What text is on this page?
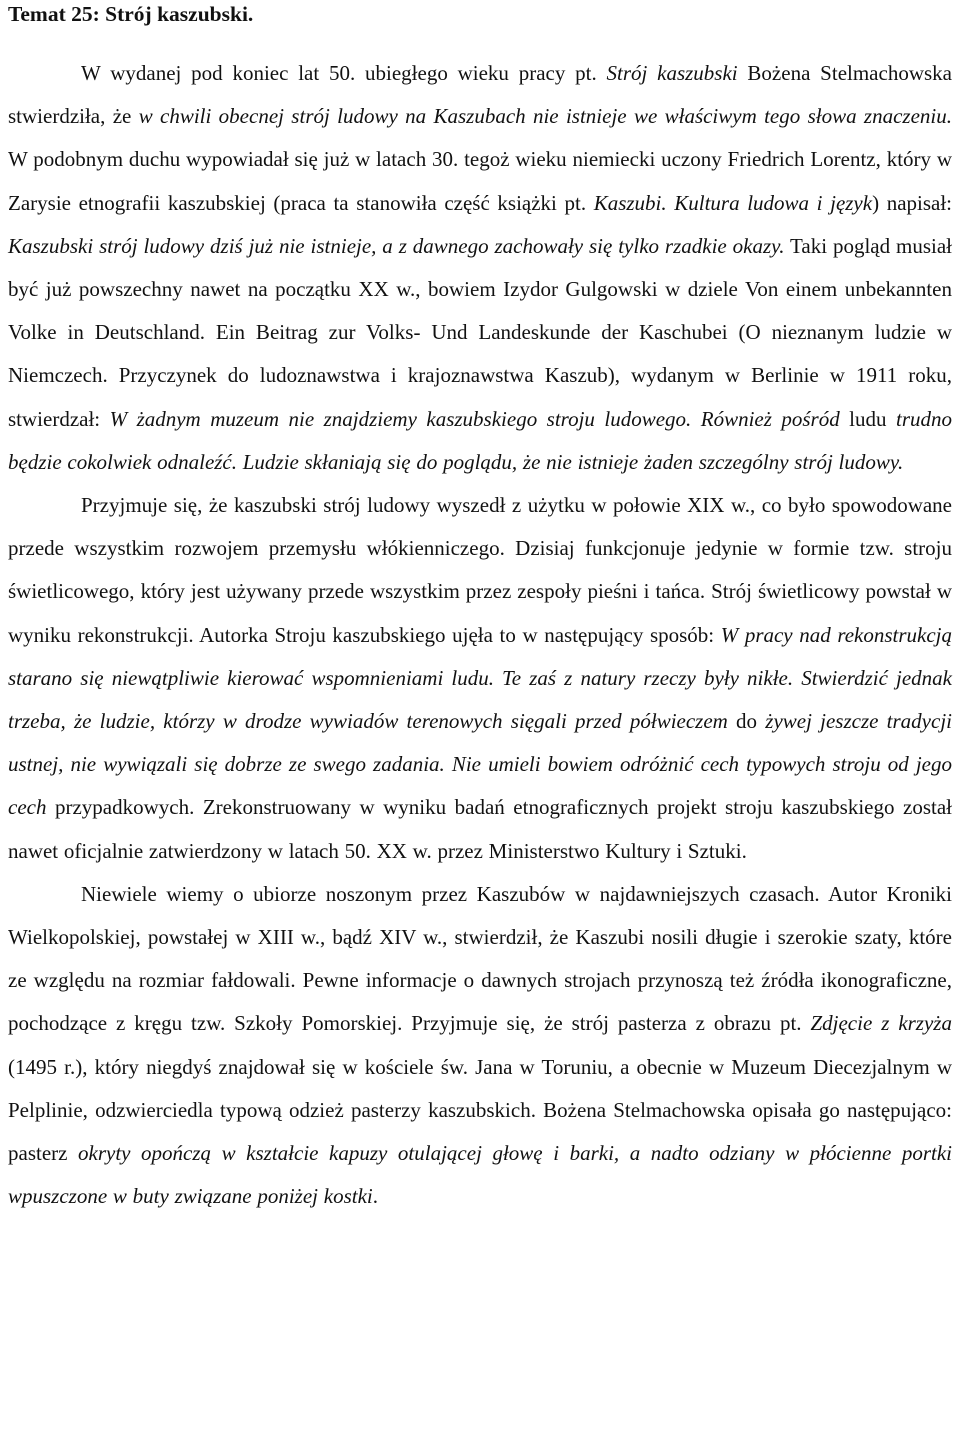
Temat 25: Strój kaszubski.

W wydanej pod koniec lat 50. ubiegłego wieku pracy pt. Strój kaszubski Bożena Stelmachowska stwierdziła, że w chwili obecnej strój ludowy na Kaszubach nie istnieje we właściwym tego słowa znaczeniu. W podobnym duchu wypowiadał się już w latach 30. tegoż wieku niemiecki uczony Friedrich Lorentz, który w Zarysie etnografii kaszubskiej (praca ta stanowiła część książki pt. Kaszubi. Kultura ludowa i język) napisał: Kaszubski strój ludowy dziś już nie istnieje, a z dawnego zachowały się tylko rzadkie okazy. Taki pogląd musiał być już powszechny nawet na początku XX w., bowiem Izydor Gulgowski w dziele Von einem unbekannten Volke in Deutschland. Ein Beitrag zur Volks- Und Landeskunde der Kaschubei (O nieznanym ludzie w Niemczech. Przyczynek do ludoznawstwa i krajoznawstwa Kaszub), wydanym w Berlinie w 1911 roku, stwierdzał: W żadnym muzeum nie znajdziemy kaszubskiego stroju ludowego. Również pośród ludu trudno będzie cokolwiek odnaleźć. Ludzie skłaniają się do poglądu, że nie istnieje żaden szczególny strój ludowy.

Przyjmuje się, że kaszubski strój ludowy wyszedł z użytku w połowie XIX w., co było spowodowane przede wszystkim rozwojem przemysłu włókienniczego. Dzisiaj funkcjonuje jedynie w formie tzw. stroju świetlicowego, który jest używany przede wszystkim przez zespoły pieśni i tańca. Strój świetlicowy powstał w wyniku rekonstrukcji. Autorka Stroju kaszubskiego ujęła to w następujący sposób: W pracy nad rekonstrukcją starano się niewątpliwie kierować wspomnieniami ludu. Te zaś z natury rzeczy były nikłe. Stwierdzić jednak trzeba, że ludzie, którzy w drodze wywiadów terenowych sięgali przed półwieczem do żywej jeszcze tradycji ustnej, nie wywiązali się dobrze ze swego zadania. Nie umieli bowiem odróżnić cech typowych stroju od jego cech przypadkowych. Zrekonstruowany w wyniku badań etnograficznych projekt stroju kaszubskiego został nawet oficjalnie zatwierdzony w latach 50. XX w. przez Ministerstwo Kultury i Sztuki.

Niewiele wiemy o ubiorze noszonym przez Kaszubów w najdawniejszych czasach. Autor Kroniki Wielkopolskiej, powstałej w XIII w., bądź XIV w., stwierdził, że Kaszubi nosili długie i szerokie szaty, które ze względu na rozmiar fałdowali. Pewne informacje o dawnych strojach przynoszą też źródła ikonograficzne, pochodzące z kręgu tzw. Szkoły Pomorskiej. Przyjmuje się, że strój pasterza z obrazu pt. Zdjęcie z krzyża (1495 r.), który niegdyś znajdował się w kościele św. Jana w Toruniu, a obecnie w Muzeum Diecezjalnym w Pelplinie, odzwierciedla typową odzież pasterzy kaszubskich. Bożena Stelmachowska opisała go następująco: pasterz okryty opończą w kształcie kapuzy otulającej głowę i barki, a nadto odziany w płócienne portki wpuszczone w buty związane poniżej kostki.
